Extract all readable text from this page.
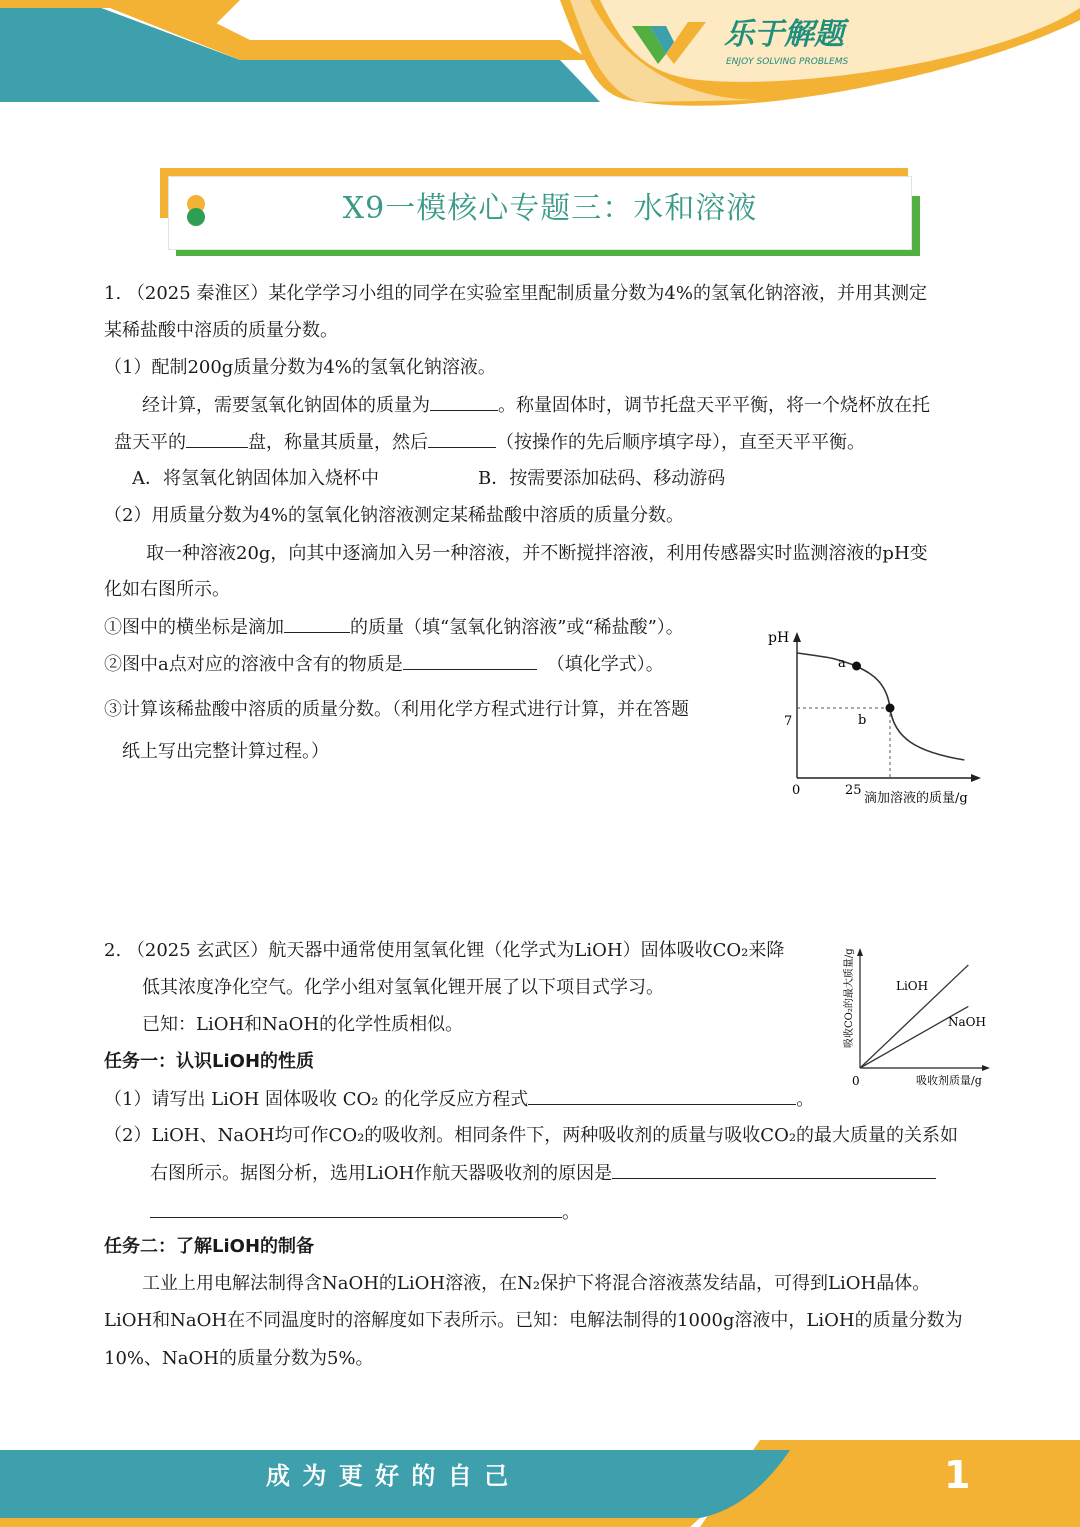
乐于解题
ENJOY SOLVING PROBLEMS
X9一模核心专题三：水和溶液
1. （2025 秦淮区）某化学学习小组的同学在实验室里配制质量分数为4%的氢氧化钠溶液，并用其测定
某稀盐酸中溶质的质量分数。
（1）配制200g质量分数为4%的氢氧化钠溶液。
经计算，需要氢氧化钠固体的质量为	。称量固体时，调节托盘天平平衡，将一个烧杯放在托
盘天平的	盘，称量其质量，然后	（按操作的先后顺序填字母），直至天平平衡。
A．将氢氧化钠固体加入烧杯中	B．按需要添加砝码、移动游码
（2）用质量分数为4%的氢氧化钠溶液测定某稀盐酸中溶质的质量分数。
取一种溶液20g，向其中逐滴加入另一种溶液，并不断搅拌溶液，利用传感器实时监测溶液的pH变
化如右图所示。
①图中的横坐标是滴加	的质量（填“氢氧化钠溶液”或“稀盐酸”）。
②图中a点对应的溶液中含有的物质是	（填化学式）。
③计算该稀盐酸中溶质的质量分数。（利用化学方程式进行计算，并在答题
纸上写出完整计算过程。）
pH
7
0	25
滴加溶液的质量/g
a
b
2. （2025 玄武区）航天器中通常使用氢氧化锂（化学式为LiOH）固体吸收CO₂来降
低其浓度净化空气。化学小组对氢氧化锂开展了以下项目式学习。
已知：LiOH和NaOH的化学性质相似。
任务一：认识LiOH的性质
（1）请写出 LiOH 固体吸收 CO₂ 的化学反应方程式	。
（2）LiOH、NaOH均可作CO₂的吸收剂。相同条件下，两种吸收剂的质量与吸收CO₂的最大质量的关系如
右图所示。据图分析，选用LiOH作航天器吸收剂的原因是
。
任务二：了解LiOH的制备
工业上用电解法制得含NaOH的LiOH溶液，在N₂保护下将混合溶液蒸发结晶，可得到LiOH晶体。
LiOH和NaOH在不同温度时的溶解度如下表所示。已知：电解法制得的1000g溶液中，LiOH的质量分数为
10%、NaOH的质量分数为5%。
吸收CO₂的最大质量/g
0	吸收剂质量/g
LiOH
NaOH
成 为 更 好 的 自 己	1
